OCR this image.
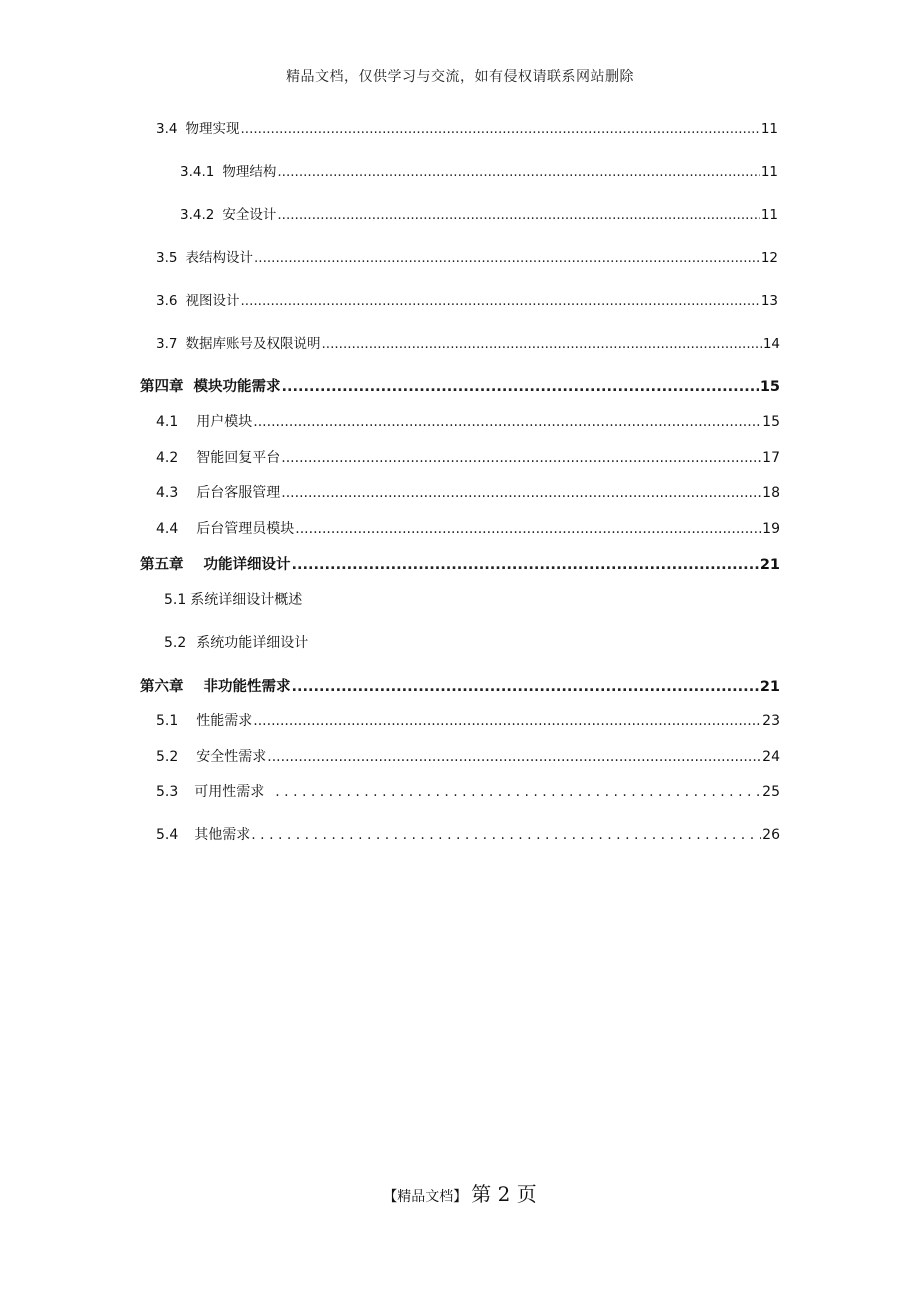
精品文档，仅供学习与交流，如有侵权请联系网站删除
3.4 物理实现 .....	11
3.4.1 物理结构 .....	11
3.4.2 安全设计 .....	11
3.5 表结构设计 .....	12
3.6 视图设计 .....	13
3.7 数据库账号及权限说明 .....	14
第四章 模块功能需求 .....	15
4.1 用户模块 .....	15
4.2 智能回复平台 .....	17
4.3 后台客服管理 .....	18
4.4 后台管理员模块 .....	19
第五章 功能详细设计 .....	21
5.1 系统详细设计概述
5.2 系统功能详细设计
第六章 非功能性需求 .....	21
5.1 性能需求 .....	23
5.2 安全性需求 .....	24
5.3 可用性需求 . . .	25
5.4 其他需求 . . .	26
【精品文档】 第 2 页
